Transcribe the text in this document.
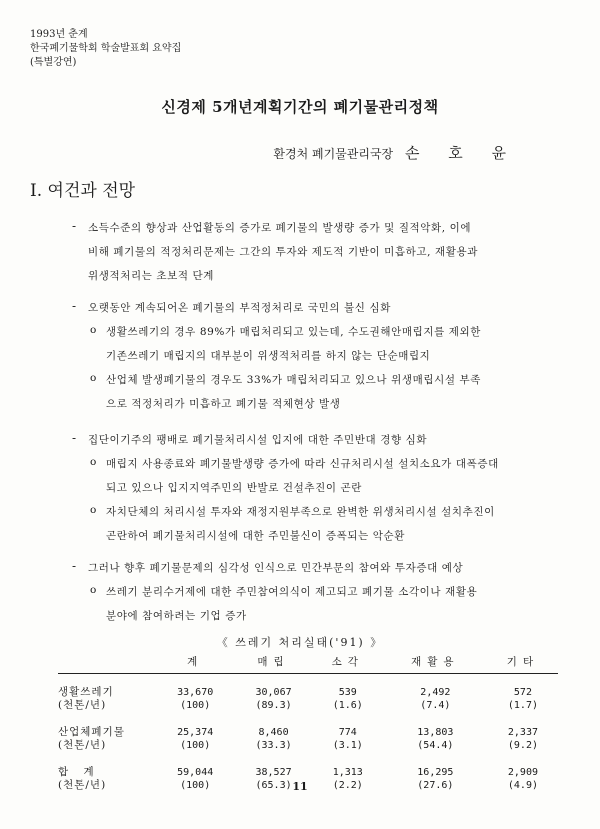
1993년 춘계
한국폐기물학회 학술발표회 요약집
(특별강연)
신경제 5개년계획기간의 폐기물관리정책
환경처 폐기물관리국장 손 호 윤
I. 여건과 전망
- 소득수준의 향상과 산업활동의 증가로 폐기물의 발생량 증가 및 질적악화, 이에
비해 폐기물의 적정처리문제는 그간의 투자와 제도적 기반이 미흡하고, 재활용과
위생적처리는 초보적 단계
- 오랫동안 계속되어온 폐기물의 부적정처리로 국민의 불신 심화
o 생활쓰레기의 경우 89%가 매립처리되고 있는데, 수도권해안매립지를 제외한
기존쓰레기 매립지의 대부분이 위생적처리를 하지 않는 단순매립지
o 산업체 발생폐기물의 경우도 33%가 매립처리되고 있으나 위생매립시설 부족
으로 적정처리가 미흡하고 폐기물 적체현상 발생
- 집단이기주의 팽배로 폐기물처리시설 입지에 대한 주민반대 경향 심화
o 매립지 사용종료와 폐기물발생량 증가에 따라 신규처리시설 설치소요가 대폭증대
되고 있으나 입지지역주민의 반발로 건설추진이 곤란
o 자치단체의 처리시설 투자와 재정지원부족으로 완벽한 위생처리시설 설치추진이
곤란하여 폐기물처리시설에 대한 주민불신이 증폭되는 악순환
- 그러나 향후 폐기물문제의 심각성 인식으로 민간부문의 참여와 투자증대 예상
o 쓰레기 분리수거제에 대한 주민참여의식이 제고되고 폐기물 소각이나 재활용
분야에 참여하려는 기업 증가
《 쓰레기 처리실태('91) 》
	계	매립	소각	재활용	기타
생활쓰레기	33,670	30,067	539	2,492	572
(천톤/년)	(100)	(89.3)	(1.6)	(7.4)	(1.7)
산업체폐기물	25,374	8,460	774	13,803	2,337
(천톤/년)	(100)	(33.3)	(3.1)	(54.4)	(9.2)
합 계	59,044	38,527	1,313	16,295	2,909
(천톤/년)	(100)	(65.3)	(2.2)	(27.6)	(4.9)
11
